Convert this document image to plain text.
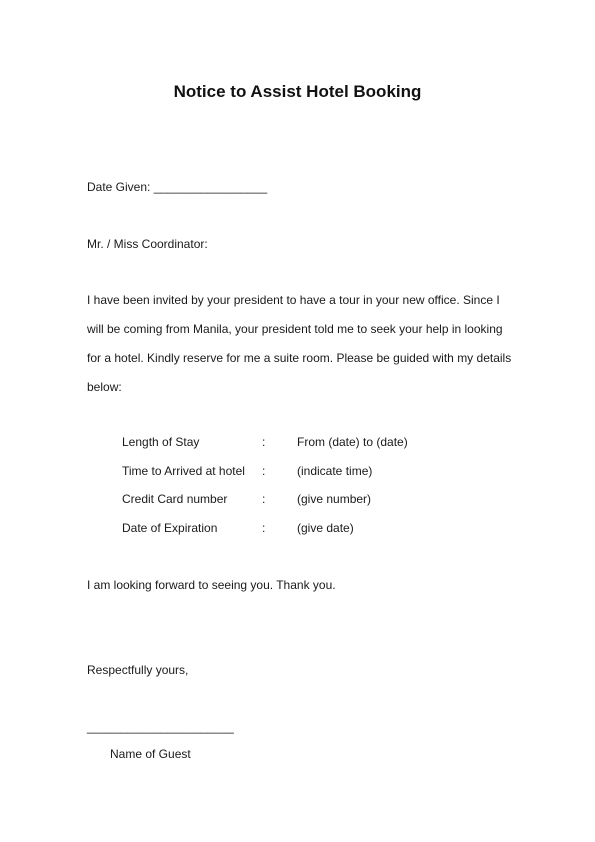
Notice to Assist Hotel Booking
Date Given: _________________
Mr. / Miss Coordinator:
I have been invited by your president to have a tour in your new office. Since I
will be coming from Manila, your president told me to seek your help in looking
for a hotel. Kindly reserve for me a suite room. Please be guided with my details
below:
Length of Stay	:	From (date) to (date)
Time to Arrived at hotel :	(indicate time)
Credit Card number	:	(give number)
Date of Expiration	:	(give date)
I am looking forward to seeing you. Thank you.
Respectfully yours,
______________________
Name of Guest
